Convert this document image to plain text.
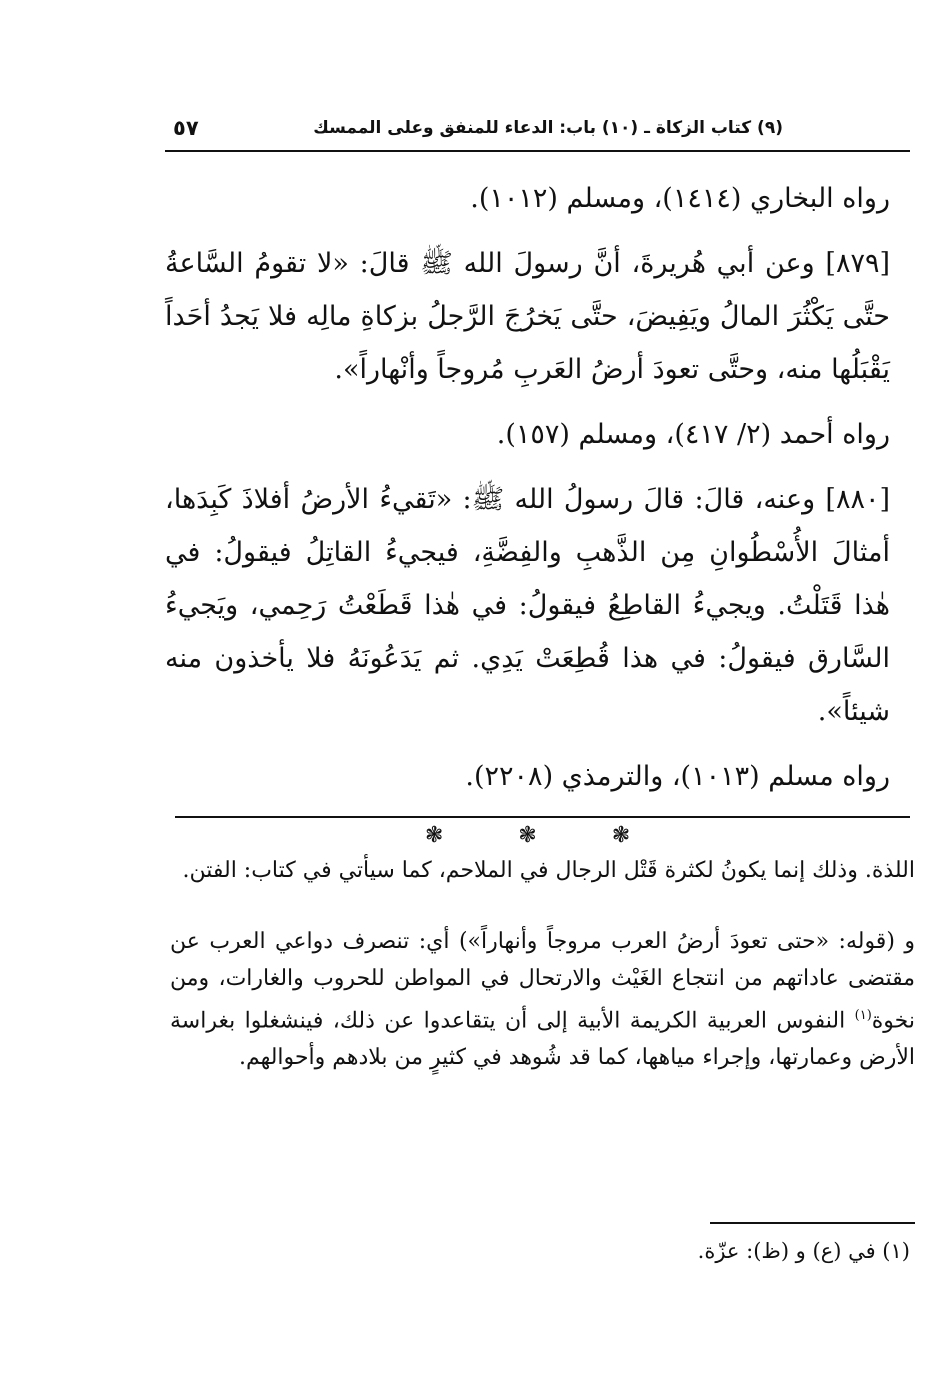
(٩) كتاب الزكاة ـ (١٠) باب: الدعاء للمنفق وعلى الممسك
٥٧

رواه البخاري (١٤١٤)، ومسلم (١٠١٢).

[٨٧٩] وعن أبي هُريرةَ، أنَّ رسولَ الله ﷺ قالَ: «لا تقومُ السَّاعةُ حتَّى يَكْثُرَ المالُ ويَفِيضَ، حتَّى يَخرُجَ الرَّجلُ بزكاةِ مالِه فلا يَجدُ أحَداً يَقْبَلُها منه، وحتَّى تعودَ أرضُ العَربِ مُروجاً وأنْهاراً».

رواه أحمد (٢/ ٤١٧)، ومسلم (١٥٧).

[٨٨٠] وعنه، قالَ: قالَ رسولُ الله ﷺ: «تَقيءُ الأرضُ أفلاذَ كَبِدَها، أمثالَ الأُسْطُوانِ مِن الذَّهبِ والفِضَّةِ، فيجيءُ القاتِلُ فيقولُ: في هٰذا قَتَلْتُ. ويجيءُ القاطِعُ فيقولُ: في هٰذا قَطَعْتُ رَحِمي، ويَجيءُ السَّارق فيقولُ: في هذا قُطِعَتْ يَدِي. ثم يَدَعُونَهُ فلا يأخذون منه شيئاً».

رواه مسلم (١٠١٣)، والترمذي (٢٢٠٨).

❃ ❃ ❃

اللذة. وذلك إنما يكونُ لكثرة قَتْل الرجال في الملاحم، كما سيأتي في كتاب: الفتن.

و (قوله: «حتى تعودَ أرضُ العرب مروجاً وأنهاراً») أي: تنصرف دواعي العرب عن مقتضى عاداتهم من انتجاع الغَيْث والارتحال في المواطن للحروب والغارات، ومن نخوة$^{(١)}$ النفوس العربية الكريمة الأبية إلى أن يتقاعدوا عن ذلك، فينشغلوا بغراسة الأرض وعمارتها، وإجراء مياهها، كما قد شُوهد في كثيرٍ من بلادهم وأحوالهم.

(١) في (ع) و (ظ): عزّة.
